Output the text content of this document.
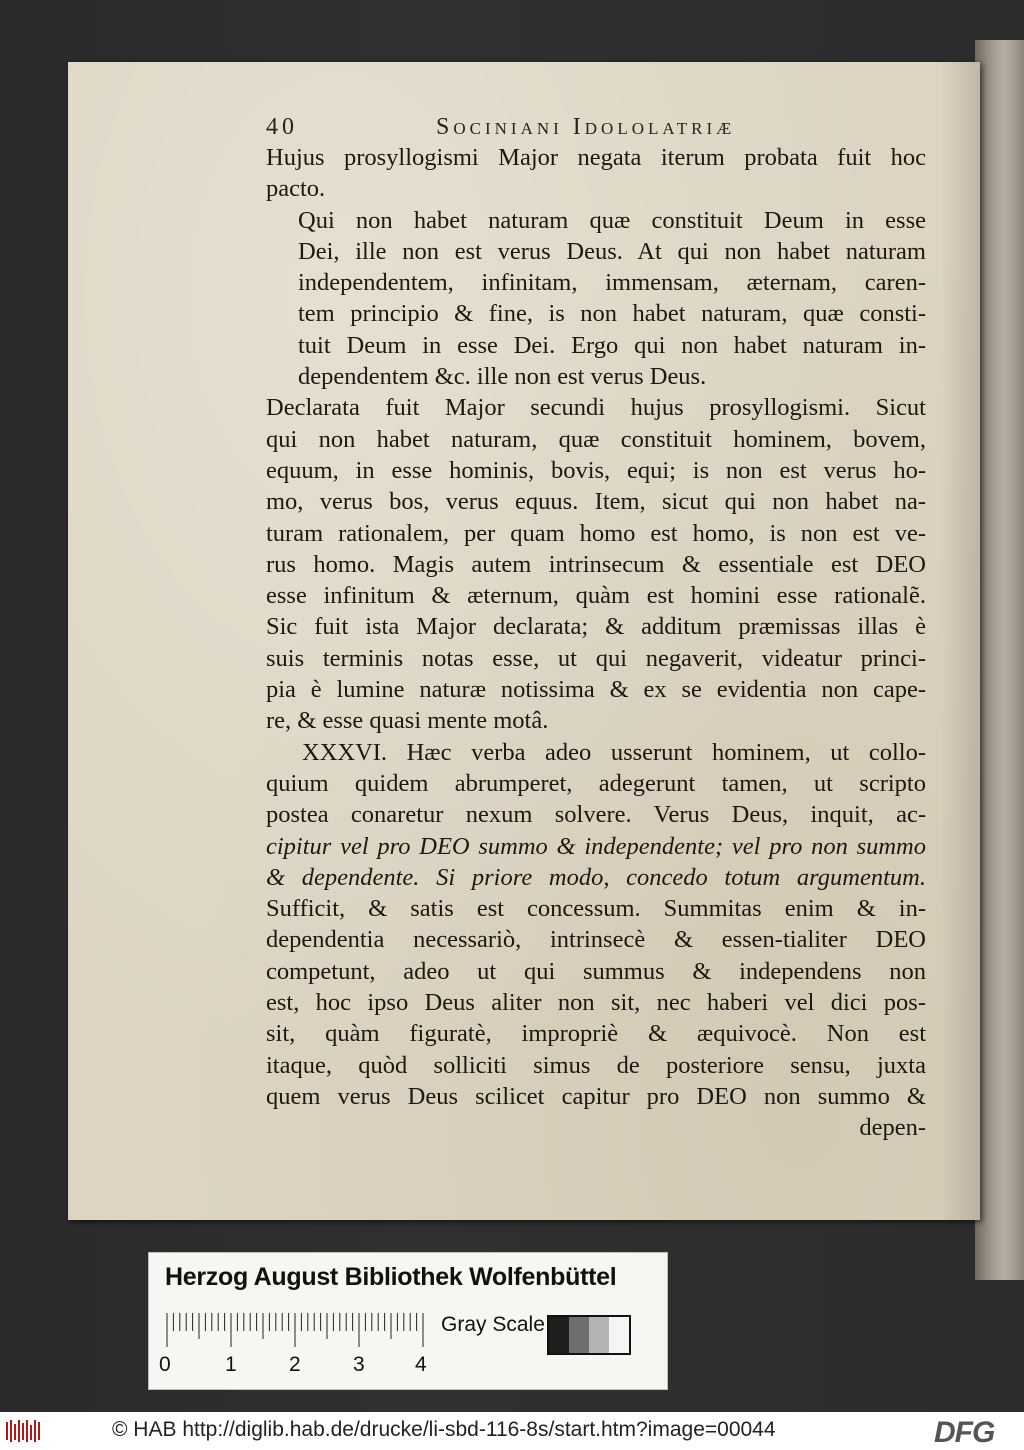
40	Sociniani Idololatriæ
Hujus prosyllogismi Major negata iterum probata fuit hoc
pacto.
Qui non habet naturam quæ constituit Deum in esse
Dei, ille non est verus Deus. At qui non habet naturam
independentem, infinitam, immensam, æternam, caren-
tem principio & fine, is non habet naturam, quæ consti-
tuit Deum in esse Dei. Ergo qui non habet naturam in-
dependentem &c. ille non est verus Deus.
Declarata fuit Major secundi hujus prosyllogismi. Sicut
qui non habet naturam, quæ constituit hominem, bovem,
equum, in esse hominis, bovis, equi; is non est verus ho-
mo, verus bos, verus equus. Item, sicut qui non habet na-
turam rationalem, per quam homo est homo, is non est ve-
rus homo. Magis autem intrinsecum & essentiale est DEO
esse infinitum & æternum, quàm est homini esse rationalẽ.
Sic fuit ista Major declarata; & additum præmissas illas è
suis terminis notas esse, ut qui negaverit, videatur princi-
pia è lumine naturæ notissima & ex se evidentia non cape-
re, & esse quasi mente motâ.
XXXVI. Hæc verba adeo usserunt hominem, ut collo-
quium quidem abrumperet, adegerunt tamen, ut scripto
postea conaretur nexum solvere. Verus Deus, inquit, ac-
cipitur vel pro DEO summo & independente; vel pro non summo
& dependente. Si priore modo, concedo totum argumentum.
Sufficit, & satis est concessum. Summitas enim & in-
dependentia necessariò, intrinsecè & essen-tialiter DEO
competunt, adeo ut qui summus & independens non
est, hoc ipso Deus aliter non sit, nec haberi vel dici pos-
sit, quàm figuratè, impropriè & æquivocè. Non est
itaque, quòd solliciti simus de posteriore sensu, juxta
quem verus Deus scilicet capitur pro DEO non summo &
depen-
Herzog August Bibliothek Wolfenbüttel
0	1 2 3 4
Gray Scale
© HAB http://diglib.hab.de/drucke/li-sbd-116-8s/start.htm?image=00044	DFG
